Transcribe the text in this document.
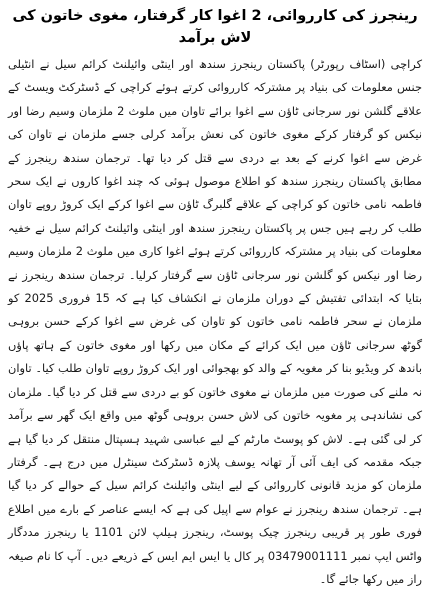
رینجرز کی کارروائی، 2 اغوا کار گرفتار، مغوی خاتون کی لاش برآمد

کراچی (اسٹاف رپورٹر) پاکستان رینجرز سندھ اور اینٹی وائیلنٹ کرائم سیل نے انٹیلی جنس معلومات کی بنیاد پر مشترکہ کارروائی کرتے ہوئے کراچی کے ڈسٹرکٹ ویسٹ کے علاقے گلشن نور سرجانی ٹاؤن سے اغوا برائے تاوان میں ملوث 2 ملزمان وسیم رضا اور نیکس کو گرفتار کرکے مغوی خاتون کی نعش برآمد کرلی جسے ملزمان نے تاوان کی غرض سے اغوا کرنے کے بعد بے دردی سے قتل کر دیا تھا۔ ترجمان سندھ رینجرز کے مطابق پاکستان رینجرز سندھ کو اطلاع موصول ہوئی کہ چند اغوا کاروں نے ایک سحر فاطمہ نامی خاتون کو کراچی کے علاقے گلبرگ ٹاؤن سے اغوا کرکے ایک کروڑ روپے تاوان طلب کر رہے ہیں جس پر پاکستان رینجرز سندھ اور اینٹی وائیلنٹ کرائم سیل نے خفیہ معلومات کی بنیاد پر مشترکہ کارروائی کرتے ہوئے اغوا کاری میں ملوث 2 ملزمان وسیم رضا اور نیکس کو گلشن نور سرجانی ٹاؤن سے گرفتار کرلیا۔ ترجمان سندھ رینجرز نے بتایا کہ ابتدائی تفتیش کے دوران ملزمان نے انکشاف کیا ہے کہ 15 فروری 2025 کو ملزمان نے سحر فاطمہ نامی خاتون کو تاوان کی غرض سے اغوا کرکے حسن بروہی گوٹھ سرجانی ٹاؤن میں ایک کرائے کے مکان میں رکھا اور مغوی خاتون کے ہاتھ پاؤں باندھ کر ویڈیو بنا کر مغویہ کے والد کو بھجوائی اور ایک کروڑ روپے تاوان طلب کیا۔ تاوان نہ ملنے کی صورت میں ملزمان نے مغوی خاتون کو بے دردی سے قتل کر دیا گیا۔ ملزمان کی نشاندہی پر مغویہ خاتون کی لاش حسن بروہی گوٹھ میں واقع ایک گھر سے برآمد کر لی گئی ہے۔ لاش کو پوسٹ مارٹم کے لیے عباسی شہید ہسپتال منتقل کر دیا گیا ہے جبکہ مقدمہ کی ایف آئی آر تھانہ یوسف پلازہ ڈسٹرکٹ سینٹرل میں درج ہے۔ گرفتار ملزمان کو مزید قانونی کارروائی کے لیے اینٹی وائیلنٹ کرائم سیل کے حوالے کر دیا گیا ہے۔ ترجمان سندھ رینجرز نے عوام سے اپیل کی ہے کہ ایسے عناصر کے بارے میں اطلاع فوری طور پر قریبی رینجرز چیک پوسٹ، رینجرز ہیلپ لائن 1101 یا رینجرز مددگار واٹس ایپ نمبر 03479001111 پر کال یا ایس ایم ایس کے ذریعے دیں۔ آپ کا نام صیغہ راز میں رکھا جائے گا۔
